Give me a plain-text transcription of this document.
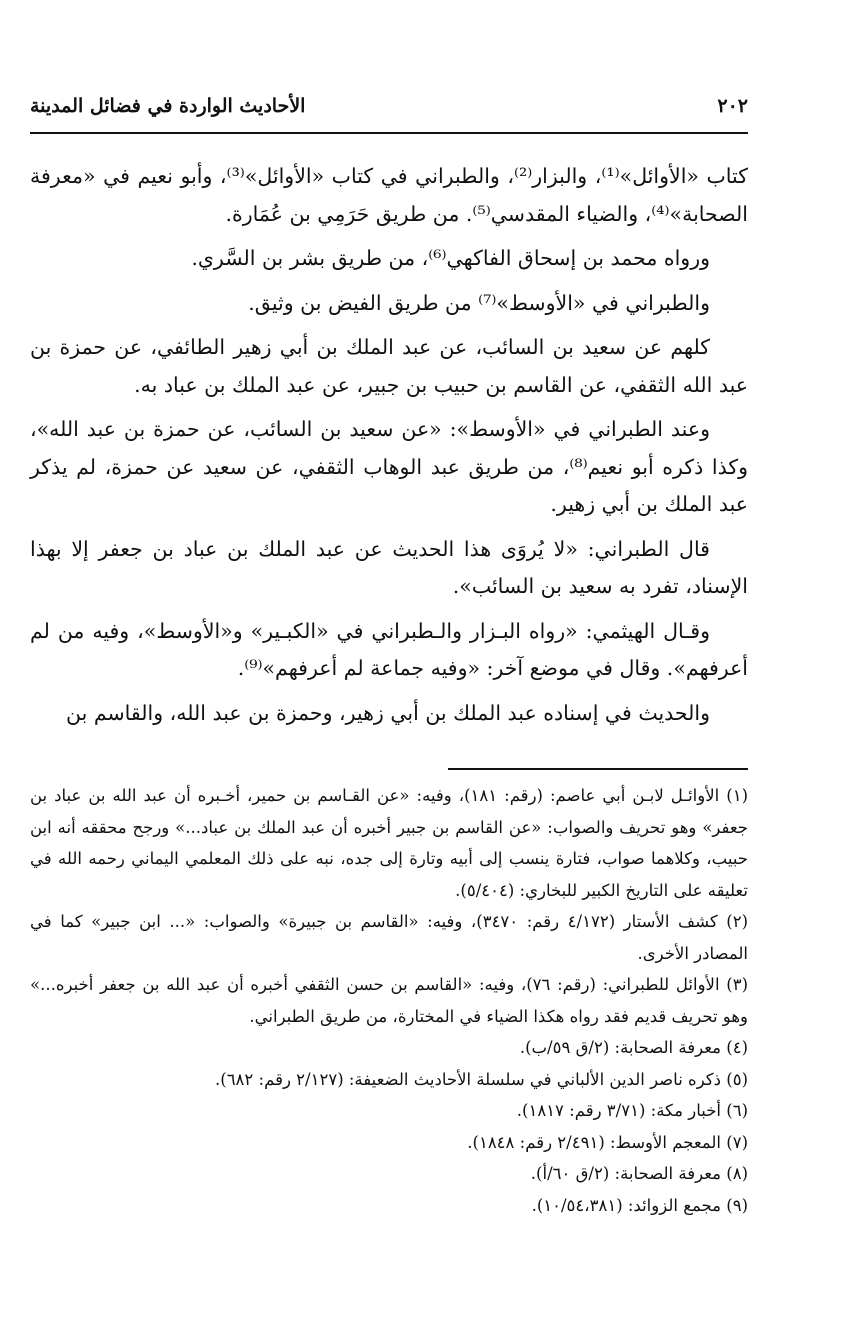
٢٠٢
الأحاديث الواردة في فضائل المدينة

كتاب «الأوائل»⁽¹⁾، والبزار⁽²⁾، والطبراني في كتاب «الأوائل»⁽³⁾، وأبو نعيم في «معرفة الصحابة»⁽⁴⁾، والضياء المقدسي⁽⁵⁾. من طريق حَرَمِي بن عُمَارة.

ورواه محمد بن إسحاق الفاكهي⁽⁶⁾، من طريق بشر بن السَّري.

والطبراني في «الأوسط»⁽⁷⁾ من طريق الفيض بن وثيق.

كلهم عن سعيد بن السائب، عن عبد الملك بن أبي زهير الطائفي، عن حمزة بن عبد الله الثقفي، عن القاسم بن حبيب بن جبير، عن عبد الملك بن عباد به.

وعند الطبراني في «الأوسط»: «عن سعيد بن السائب، عن حمزة بن عبد الله»، وكذا ذكره أبو نعيم⁽⁸⁾، من طريق عبد الوهاب الثقفي، عن سعيد عن حمزة، لم يذكر عبد الملك بن أبي زهير.

قال الطبراني: «لا يُروَى هذا الحديث عن عبد الملك بن عباد بن جعفر إلا بهذا الإسناد، تفرد به سعيد بن السائب».

وقـال الهيثمي: «رواه البـزار والـطبراني في «الكبـير» و«الأوسط»، وفيه من لم أعرفهم». وقال في موضع آخر: «وفيه جماعة لم أعرفهم»⁽⁹⁾.

والحديث في إسناده عبد الملك بن أبي زهير، وحمزة بن عبد الله، والقاسم بن

(١) الأوائـل لابـن أبي عاصم: (رقم: ١٨١)، وفيه: «عن القـاسم بن حمير، أخـبره أن عبد الله بن عباد بن جعفر» وهو تحريف والصواب: «عن القاسم بن جبير أخبره أن عبد الملك بن عباد...» ورجح محققه أنه ابن حبيب، وكلاهما صواب، فتارة ينسب إلى أبيه وتارة إلى جده، نبه على ذلك المعلمي اليماني رحمه الله في تعليقه على التاريخ الكبير للبخاري: (٥/٤٠٤).

(٢) كشف الأستار (٤/١٧٢ رقم: ٣٤٧٠)، وفيه: «القاسم بن جبيرة» والصواب: «... ابن جبير» كما في المصادر الأخرى.

(٣) الأوائل للطبراني: (رقم: ٧٦)، وفيه: «القاسم بن حسن الثقفي أخبره أن عبد الله بن جعفر أخبره...» وهو تحريف قديم فقد رواه هكذا الضياء في المختارة، من طريق الطبراني.

(٤) معرفة الصحابة: (٢/ق ٥٩/ب).

(٥) ذكره ناصر الدين الألباني في سلسلة الأحاديث الضعيفة: (٢/١٢٧ رقم: ٦٨٢).

(٦) أخبار مكة: (٣/٧١ رقم: ١٨١٧).

(٧) المعجم الأوسط: (٢/٤٩١ رقم: ١٨٤٨).

(٨) معرفة الصحابة: (٢/ق ٦٠/أ).

(٩) مجمع الزوائد: (١٠/٥٤،٣٨١).
